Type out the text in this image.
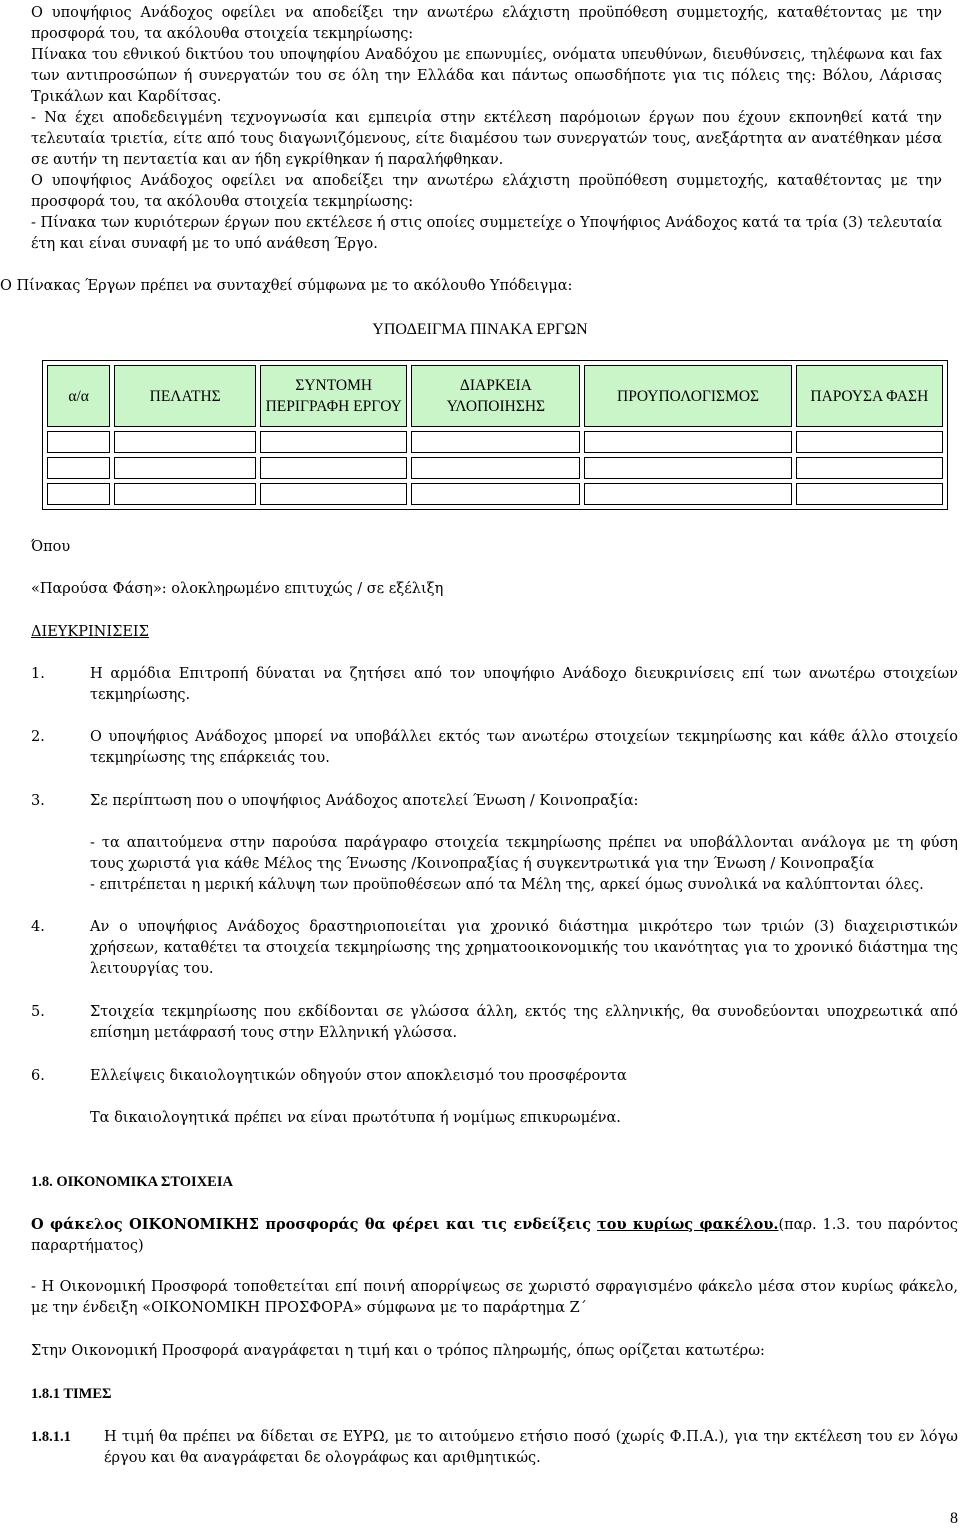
Ο υποψήφιος Ανάδοχος οφείλει να αποδείξει την ανωτέρω ελάχιστη προϋπόθεση συμμετοχής, καταθέτοντας με την προσφορά του, τα ακόλουθα στοιχεία τεκμηρίωσης:

Πίνακα του εθνικού δικτύου του υποψηφίου Αναδόχου με επωνυμίες, ονόματα υπευθύνων, διευθύνσεις, τηλέφωνα και fax των αντιπροσώπων ή συνεργατών του σε όλη την Ελλάδα και πάντως οπωσδήποτε για τις πόλεις της: Βόλου, Λάρισας Τρικάλων και Καρδίτσας.

- Να έχει αποδεδειγμένη τεχνογνωσία και εμπειρία στην εκτέλεση παρόμοιων έργων που έχουν εκπονηθεί κατά την τελευταία τριετία, είτε από τους διαγωνιζόμενους, είτε διαμέσου των συνεργατών τους, ανεξάρτητα αν ανατέθηκαν μέσα σε αυτήν τη πενταετία και αν ήδη εγκρίθηκαν ή παραλήφθηκαν.

Ο υποψήφιος Ανάδοχος οφείλει να αποδείξει την ανωτέρω ελάχιστη προϋπόθεση συμμετοχής, καταθέτοντας με την προσφορά του, τα ακόλουθα στοιχεία τεκμηρίωσης:

- Πίνακα των κυριότερων έργων που εκτέλεσε ή στις οποίες συμμετείχε ο Υποψήφιος Ανάδοχος κατά τα τρία (3) τελευταία έτη και είναι συναφή με το υπό ανάθεση Έργο.

Ο Πίνακας Έργων πρέπει να συνταχθεί σύμφωνα με το ακόλουθο Υπόδειγμα:

ΥΠΟΔΕΙΓΜΑ ΠΙΝΑΚΑ ΕΡΓΩΝ

α/α	ΠΕΛΑΤΗΣ	ΣΥΝΤΟΜΗ ΠΕΡΙΓΡΑΦΗ ΕΡΓΟΥ	ΔΙΑΡΚΕΙΑ ΥΛΟΠΟΙΗΣΗΣ	ΠΡΟΥΠΟΛΟΓΙΣΜΟΣ	ΠΑΡΟΥΣΑ ΦΑΣΗ

Όπου

«Παρούσα Φάση»: ολοκληρωμένο επιτυχώς / σε εξέλιξη

ΔΙΕΥΚΡΙΝΙΣΕΙΣ

1.	Η αρμόδια Επιτροπή δύναται να ζητήσει από τον υποψήφιο Ανάδοχο διευκρινίσεις επί των ανωτέρω στοιχείων τεκμηρίωσης.

2.	Ο υποψήφιος Ανάδοχος μπορεί να υποβάλλει εκτός των ανωτέρω στοιχείων τεκμηρίωσης και κάθε άλλο στοιχείο τεκμηρίωσης της επάρκειάς του.

3.	Σε περίπτωση που ο υποψήφιος Ανάδοχος αποτελεί Ένωση / Κοινοπραξία:

- τα απαιτούμενα στην παρούσα παράγραφο στοιχεία τεκμηρίωσης πρέπει να υποβάλλονται ανάλογα με τη φύση τους χωριστά για κάθε Μέλος της Ένωσης /Κοινοπραξίας ή συγκεντρωτικά για την Ένωση / Κοινοπραξία

- επιτρέπεται η μερική κάλυψη των προϋποθέσεων από τα Μέλη της, αρκεί όμως συνολικά να καλύπτονται όλες.

4.	Αν ο υποψήφιος Ανάδοχος δραστηριοποιείται για χρονικό διάστημα μικρότερο των τριών (3) διαχειριστικών χρήσεων, καταθέτει τα στοιχεία τεκμηρίωσης της χρηματοοικονομικής του ικανότητας για το χρονικό διάστημα της λειτουργίας του.

5.	Στοιχεία τεκμηρίωσης που εκδίδονται σε γλώσσα άλλη, εκτός της ελληνικής, θα συνοδεύονται υποχρεωτικά από επίσημη μετάφρασή τους στην Ελληνική γλώσσα.

6.	Ελλείψεις δικαιολογητικών οδηγούν στον αποκλεισμό του προσφέροντα

Τα δικαιολογητικά πρέπει να είναι πρωτότυπα ή νομίμως επικυρωμένα.

1.8. ΟΙΚΟΝΟΜΙΚΑ ΣΤΟΙΧΕΙΑ

Ο φάκελος ΟΙΚΟΝΟΜΙΚΗΣ προσφοράς θα φέρει και τις ενδείξεις του κυρίως φακέλου.(παρ. 1.3. του παρόντος παραρτήματος)

- Η Οικονομική Προσφορά τοποθετείται επί ποινή απορρίψεως σε χωριστό σφραγισμένο φάκελο μέσα στον κυρίως φάκελο, με την ένδειξη «ΟΙΚΟΝΟΜΙΚΗ ΠΡΟΣΦΟΡΑ» σύμφωνα με το παράρτημα Ζ΄

Στην Οικονομική Προσφορά αναγράφεται η τιμή και ο τρόπος πληρωμής, όπως ορίζεται κατωτέρω:

1.8.1 ΤΙΜΕΣ

1.8.1.1 Η τιμή θα πρέπει να δίδεται σε ΕΥΡΩ, με το αιτούμενο ετήσιο ποσό (χωρίς Φ.Π.Α.), για την εκτέλεση του εν λόγω έργου και θα αναγράφεται δε ολογράφως και αριθμητικώς.

8
